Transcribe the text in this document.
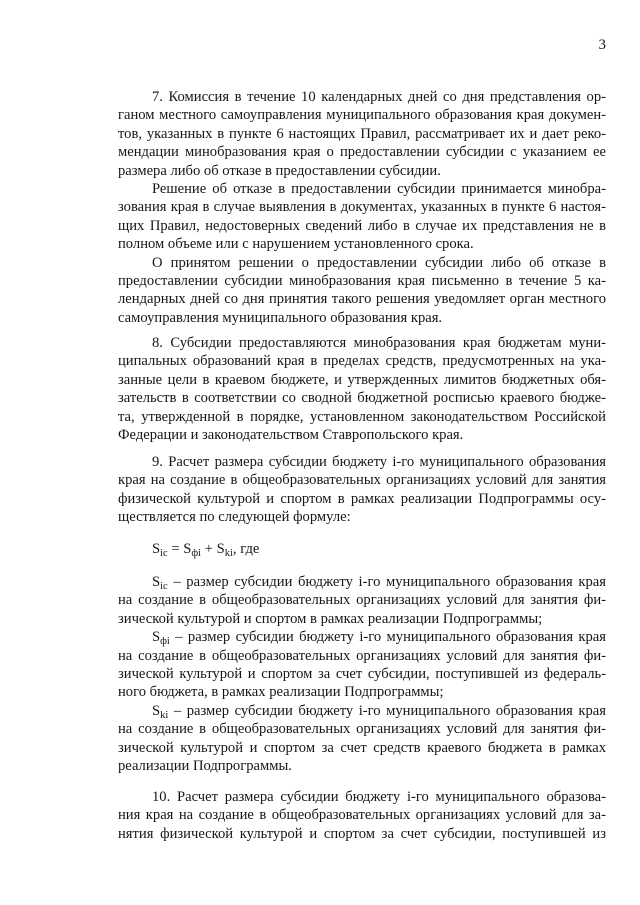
3
7. Комиссия в течение 10 календарных дней со дня представления ор-
ганом местного самоуправления муниципального образования края докумен-
тов, указанных в пункте 6 настоящих Правил, рассматривает их и дает реко-
мендации минобразования края о предоставлении субсидии с указанием ее
размера либо об отказе в предоставлении субсидии.
Решение об отказе в предоставлении субсидии принимается минобра-
зования края в случае выявления в документах, указанных в пункте 6 настоя-
щих Правил, недостоверных сведений либо в случае их представления не в
полном объеме или с нарушением установленного срока.
О принятом решении о предоставлении субсидии либо об отказе в
предоставлении субсидии минобразования края письменно в течение 5 ка-
лендарных дней со дня принятия такого решения уведомляет орган местного
самоуправления муниципального образования края.
8. Субсидии предоставляются минобразования края бюджетам муни-
ципальных образований края в пределах средств, предусмотренных на ука-
занные цели в краевом бюджете, и утвержденных лимитов бюджетных обя-
зательств в соответствии со сводной бюджетной росписью краевого бюдже-
та, утвержденной в порядке, установленном законодательством Российской
Федерации и законодательством Ставропольского края.
9. Расчет размера субсидии бюджету i-го муниципального образования
края на создание в общеобразовательных организациях условий для занятия
физической культурой и спортом в рамках реализации Подпрограммы осу-
ществляется по следующей формуле:
$S_{ic} = S_{фi} + S_{ki}$, где
$S_{ic}$ – размер субсидии бюджету i-го муниципального образования края
на создание в общеобразовательных организациях условий для занятия фи-
зической культурой и спортом в рамках реализации Подпрограммы;
$S_{фi}$ – размер субсидии бюджету i-го муниципального образования края
на создание в общеобразовательных организациях условий для занятия фи-
зической культурой и спортом за счет субсидии, поступившей из федераль-
ного бюджета, в рамках реализации Подпрограммы;
$S_{ki}$ – размер субсидии бюджету i-го муниципального образования края
на создание в общеобразовательных организациях условий для занятия фи-
зической культурой и спортом за счет средств краевого бюджета в рамках
реализации Подпрограммы.
10. Расчет размера субсидии бюджету i-го муниципального образова-
ния края на создание в общеобразовательных организациях условий для за-
нятия физической культурой и спортом за счет субсидии, поступившей из
